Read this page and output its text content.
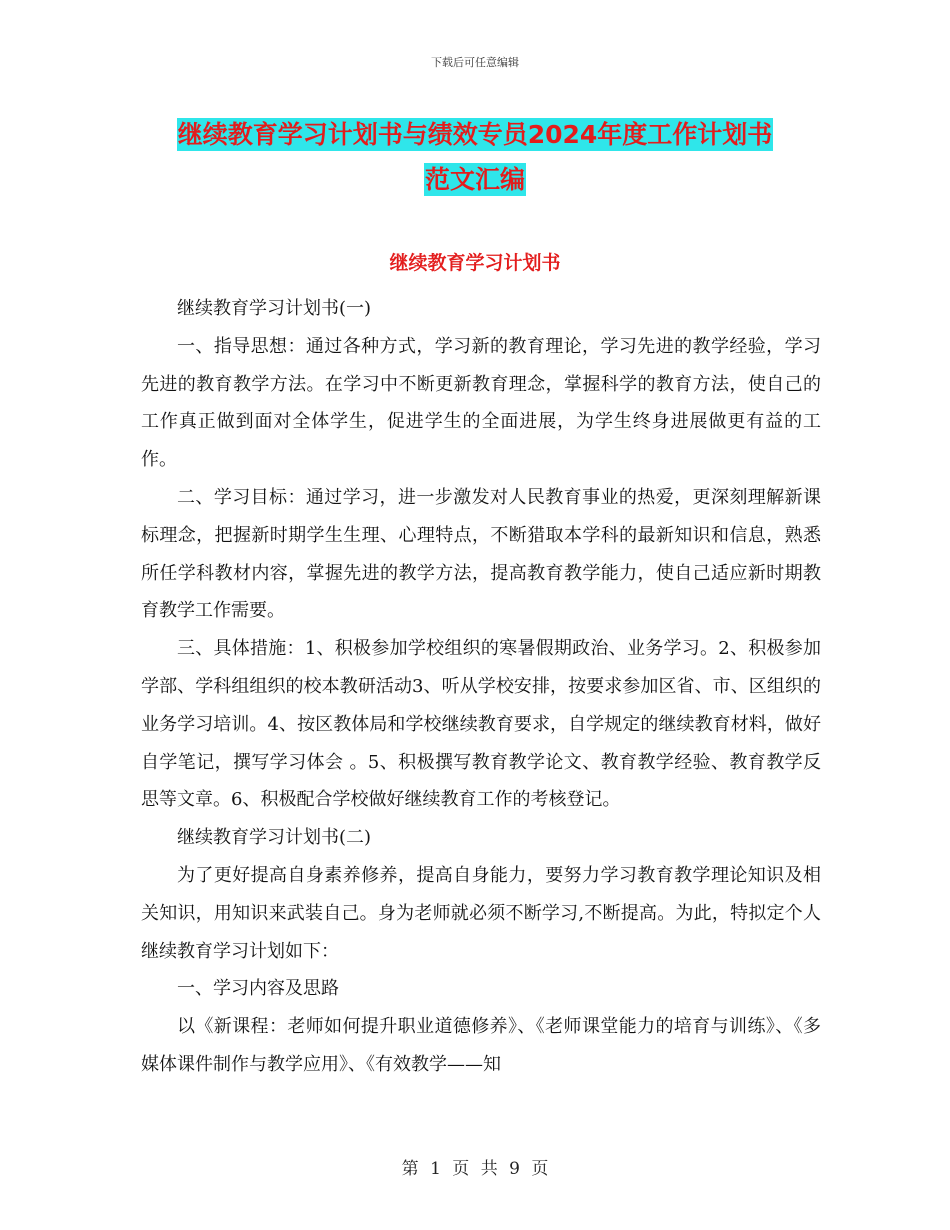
下载后可任意编辑
继续教育学习计划书与绩效专员2024年度工作计划书
范文汇编
继续教育学习计划书

继续教育学习计划书(一)

一、指导思想：通过各种方式，学习新的教育理论，学习先进的教学经验，学习先进的教育教学方法。在学习中不断更新教育理念，掌握科学的教育方法，使自己的工作真正做到面对全体学生，促进学生的全面进展，为学生终身进展做更有益的工作。

二、学习目标：通过学习，进一步激发对人民教育事业的热爱，更深刻理解新课标理念，把握新时期学生生理、心理特点，不断猎取本学科的最新知识和信息，熟悉所任学科教材内容，掌握先进的教学方法，提高教育教学能力，使自己适应新时期教育教学工作需要。

三、具体措施：1、积极参加学校组织的寒暑假期政治、业务学习。2、积极参加学部、学科组组织的校本教研活动3、听从学校安排，按要求参加区省、市、区组织的业务学习培训。4、按区教体局和学校继续教育要求，自学规定的继续教育材料，做好自学笔记，撰写学习体会 。5、积极撰写教育教学论文、教育教学经验、教育教学反思等文章。6、积极配合学校做好继续教育工作的考核登记。

继续教育学习计划书(二)

为了更好提高自身素养修养，提高自身能力，要努力学习教育教学理论知识及相关知识，用知识来武装自己。身为老师就必须不断学习,不断提高。为此，特拟定个人继续教育学习计划如下：

一、学习内容及思路

以《新课程：老师如何提升职业道德修养》、《老师课堂能力的培育与训练》、《多媒体课件制作与教学应用》、《有效教学——知

第 1 页 共 9 页
